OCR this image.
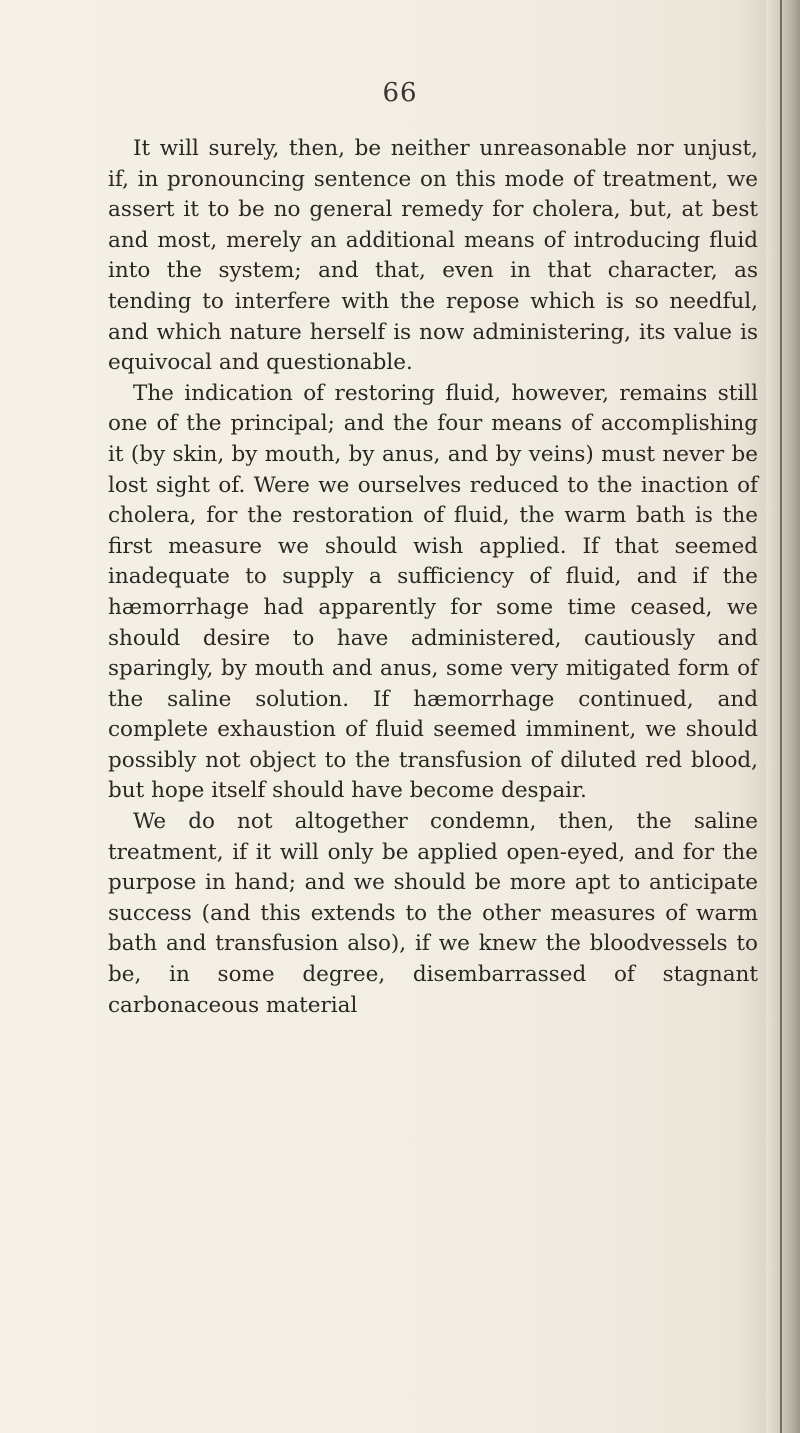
66

It will surely, then, be neither unreasonable nor unjust, if, in pronouncing sentence on this mode of treatment, we assert it to be no general remedy for cholera, but, at best and most, merely an additional means of introducing fluid into the system; and that, even in that character, as tending to interfere with the repose which is so needful, and which nature herself is now administering, its value is equivocal and questionable.

The indication of restoring fluid, however, remains still one of the principal; and the four means of accomplishing it (by skin, by mouth, by anus, and by veins) must never be lost sight of. Were we ourselves reduced to the inaction of cholera, for the restoration of fluid, the warm bath is the first measure we should wish applied. If that seemed inadequate to supply a sufficiency of fluid, and if the hæmorrhage had apparently for some time ceased, we should desire to have administered, cautiously and sparingly, by mouth and anus, some very mitigated form of the saline solution. If hæmorrhage continued, and complete exhaustion of fluid seemed imminent, we should possibly not object to the transfusion of diluted red blood, but hope itself should have become despair.

We do not altogether condemn, then, the saline treatment, if it will only be applied open-eyed, and for the purpose in hand; and we should be more apt to anticipate success (and this extends to the other measures of warm bath and transfusion also), if we knew the bloodvessels to be, in some degree, disembarrassed of stagnant carbonaceous material
